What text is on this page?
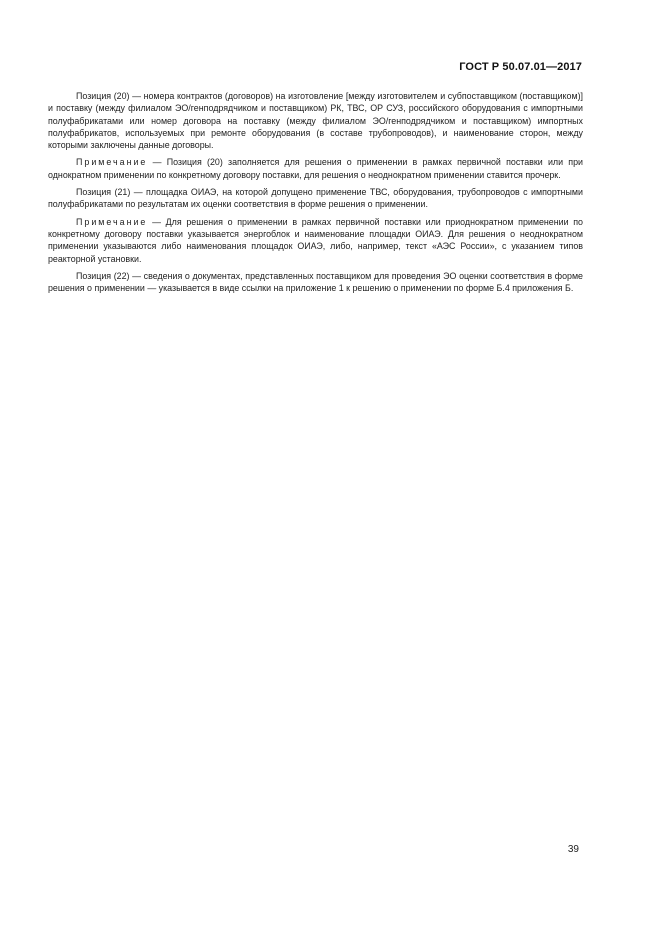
ГОСТ Р 50.07.01—2017

Позиция (20) — номера контрактов (договоров) на изготовление [между изготовителем и субпоставщиком (поставщиком)] и поставку (между филиалом ЭО/генподрядчиком и поставщиком) РК, ТВС, ОР СУЗ, российского оборудования с импортными полуфабрикатами или номер договора на поставку (между филиалом ЭО/генподрядчиком и поставщиком) импортных полуфабрикатов, используемых при ремонте оборудования (в составе трубопроводов), и наименование сторон, между которыми заключены данные договоры.

Примечание — Позиция (20) заполняется для решения о применении в рамках первичной поставки или при однократном применении по конкретному договору поставки, для решения о неоднократном применении ставится прочерк.

Позиция (21) — площадка ОИАЭ, на которой допущено применение ТВС, оборудования, трубопроводов с импортными полуфабрикатами по результатам их оценки соответствия в форме решения о применении.

Примечание — Для решения о применении в рамках первичной поставки или приоднократном применении по конкретному договору поставки указывается энергоблок и наименование площадки ОИАЭ. Для решения о неоднократном применении указываются либо наименования площадок ОИАЭ, либо, например, текст «АЭС России», с указанием типов реакторной установки.

Позиция (22) — сведения о документах, представленных поставщиком для проведения ЭО оценки соответствия в форме решения о применении — указывается в виде ссылки на приложение 1 к решению о применении по форме Б.4 приложения Б.

39
